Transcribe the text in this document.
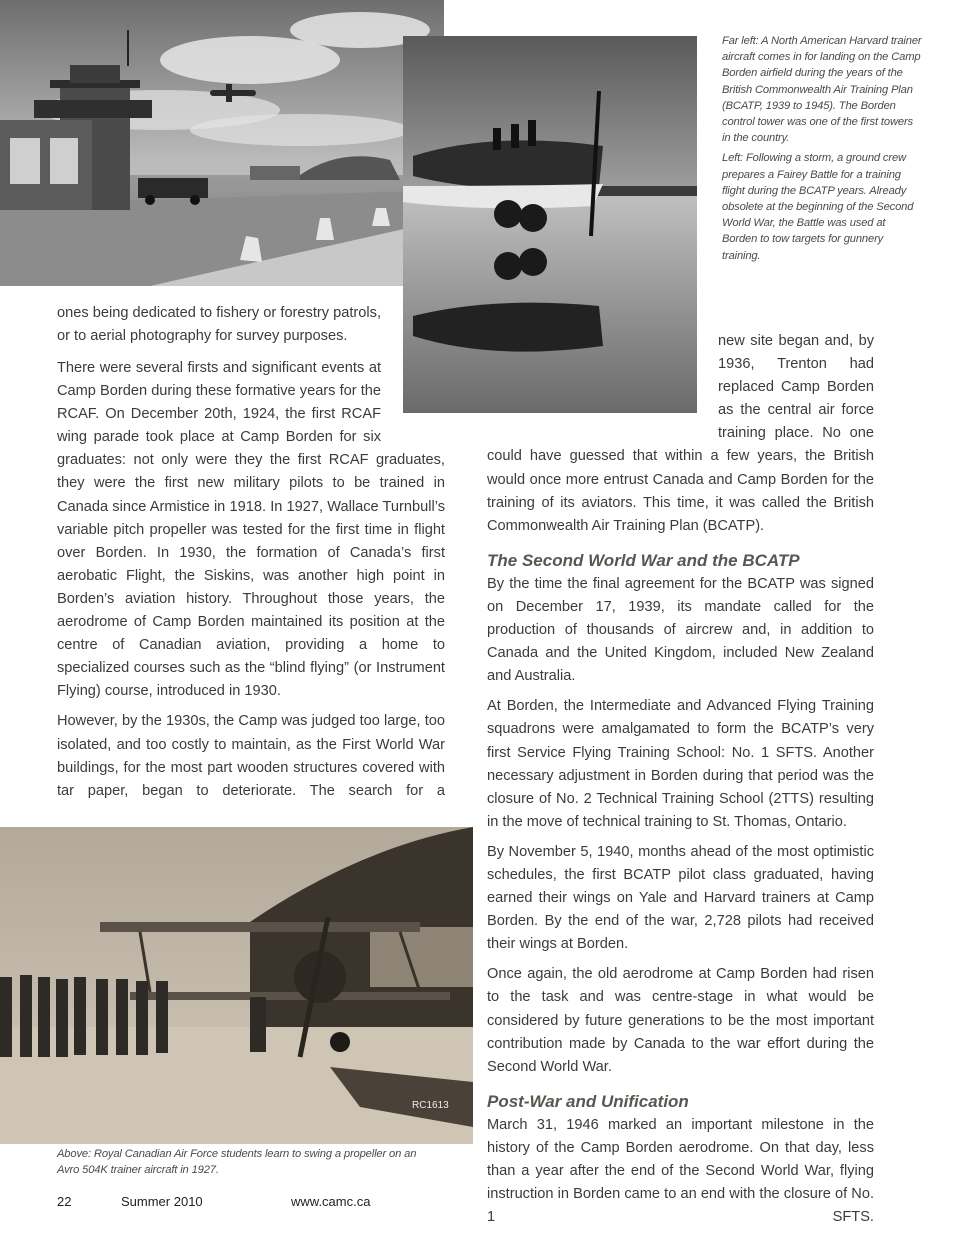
Far left: A North American Harvard trainer aircraft comes in for landing on the Camp Borden airfield during the years of the British Commonwealth Air Training Plan (BCATP, 1939 to 1945). The Borden control tower was one of the first towers in the country.

Left: Following a storm, a ground crew prepares a Fairey Battle for a training flight during the BCATP years. Already obsolete at the beginning of the Second World War, the Battle was used at Borden to tow targets for gunnery training.

ones being dedicated to fishery or forestry patrols, or to aerial photography for survey purposes.

There were several firsts and significant events at Camp Borden during these formative years for the RCAF. On December 20th, 1924, the first RCAF wing parade took place at Camp Borden for six graduates: not only were they the first RCAF graduates, they were the first new military pilots to be trained in Canada since Armistice in 1918. In 1927, Wallace Turnbull’s variable pitch propeller was tested for the first time in flight over Borden. In 1930, the formation of Canada’s first aerobatic Flight, the Siskins, was another high point in Borden’s aviation history. Throughout those years, the aerodrome of Camp Borden maintained its position at the centre of Canadian aviation, providing a home to specialized courses such as the “blind flying” (or Instrument Flying) course, introduced in 1930.

However, by the 1930s, the Camp was judged too large, too isolated, and too costly to maintain, as the First World War buildings, for the most part wooden structures covered with tar paper, began to deteriorate. The search for a

RC1613
Above: Royal Canadian Air Force students learn to swing a propeller on an Avro 504K trainer aircraft in 1927.

new site began and, by 1936, Trenton had replaced Camp Borden as the central air force training place. No one could have guessed that within a few years, the British would once more entrust Canada and Camp Borden for the training of its aviators. This time, it was called the British Commonwealth Air Training Plan (BCATP).

The Second World War and the BCATP

By the time the final agreement for the BCATP was signed on December 17, 1939, its mandate called for the production of thousands of aircrew and, in addition to Canada and the United Kingdom, included New Zealand and Australia.

At Borden, the Intermediate and Advanced Flying Training squadrons were amalgamated to form the BCATP’s very first Service Flying Training School: No. 1 SFTS. Another necessary adjustment in Borden during that period was the closure of No. 2 Technical Training School (2TTS) resulting in the move of technical training to St. Thomas, Ontario.

By November 5, 1940, months ahead of the most optimistic schedules, the first BCATP pilot class graduated, having earned their wings on Yale and Harvard trainers at Camp Borden. By the end of the war, 2,728 pilots had received their wings at Borden.

Once again, the old aerodrome at Camp Borden had risen to the task and was centre-stage in what would be considered by future generations to be the most important contribution made by Canada to the war effort during the Second World War.

Post-War and Unification

March 31, 1946 marked an important milestone in the history of the Camp Borden aerodrome. On that day, less than a year after the end of the Second World War, flying instruction in Borden came to an end with the closure of No. 1 SFTS.

22	Summer 2010	www.camc.ca
